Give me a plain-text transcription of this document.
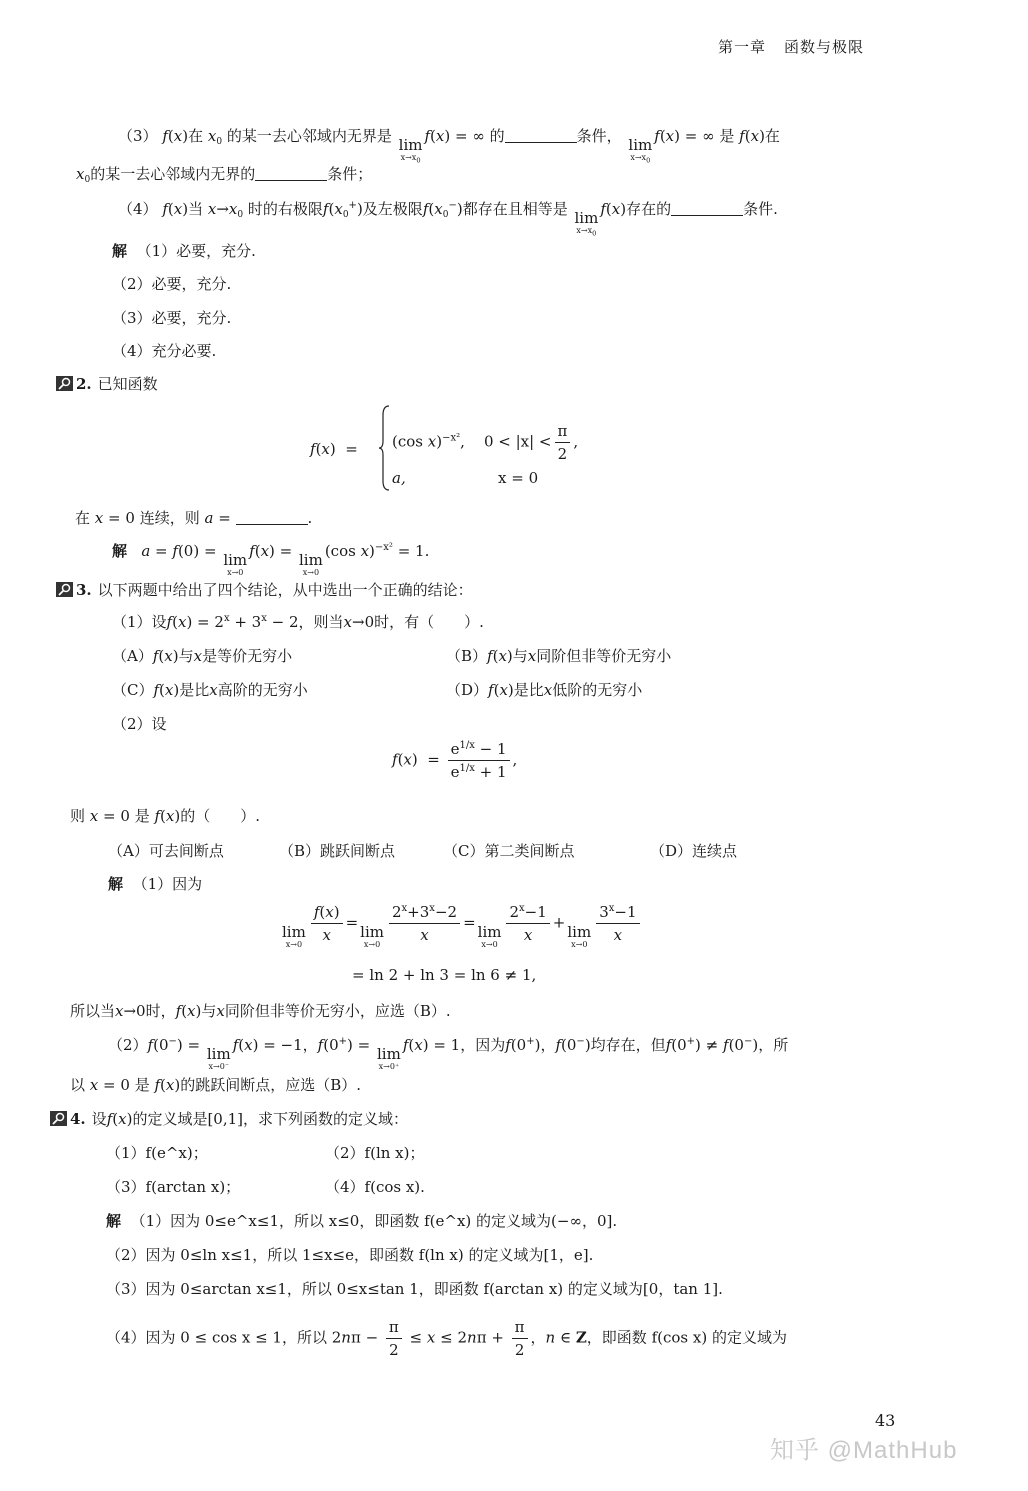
第一章 函数与极限
（3） f(x)在 $x_0$ 的某一去心邻域内无界是 lim
$x\to x_0$
f(x) = ∞ 的	条件， lim
$x\to x_0$
f(x) = ∞ 是 f(x)在
$x_0$的某一去心邻域内无界的	条件；
（4） f(x)当 $x\to x_0$ 时的右极限$f(x_0^+)$及左极限$f(x_0^-)$都存在且相等是 lim
$x\to x_0$
f(x)存在的	条件.
解 （1）必要，充分.
（2）必要，充分.
（3）必要，充分.
（4）充分必要.
2. 已知函数
f(x)  = (cos x)$^{-x^2}$,    $0 < |x| < \frac{\pi}{2}$ ,
a,	x = 0
在 x = 0 连续，则 a =	.
解 a = f(0) = lim
x→0
f(x) = lim
x→0
(cos x)$^{-x^2}$ = 1.
3. 以下两题中给出了四个结论，从中选出一个正确的结论：
（1）设$f(x) = 2^x + 3^x - 2$，则当x→0时，有（　　）.
（A）f(x)与x是等价无穷小	（B）f(x)与x同阶但非等价无穷小
（C）f(x)是比x高阶的无穷小	（D）f(x)是比x低阶的无穷小
（2）设
$f(x) = \frac{e^{1/x} - 1}{e^{1/x} + 1}$ ,
则 x = 0 是 f(x)的（　　）.
（A）可去间断点	（B）跳跃间断点	（C）第二类间断点	（D）连续点
解 （1）因为
lim
$x\to 0 \frac{f(x)}{x} = \lim$
$x\to 0 \frac{2^x+3^x-2}{x} = \lim$
$x\to 0 \frac{2^x-1}{x} + \lim$
$x\to 0 \frac{3^x-1}{x}$
= ln 2 + ln 3 = ln 6 ≠ 1,
所以当x→0时，f(x)与x同阶但非等价无穷小，应选（B）.
（2）f(0−) = lim
x→0⁻
f(x) = −1，f(0+) = lim
x→0⁺
f(x) = 1，因为f(0+)，f(0−)均存在，但f(0+) ≠ f(0−)，所
以 x = 0 是 f(x)的跳跃间断点，应选（B）.
4. 设 f ( x ) 的定义域是[0,1]，求下列函数的定义域：
（1）f(e^x)；	（2）f(ln x)；
（3）f(arctan x)；	（4）f(cos x).
解 （1）因为 0≤e^x≤1，所以 x≤0，即函数 f(e^x) 的定义域为(−∞，0].
（2）因为 0≤ln x≤1，所以 1≤x≤e，即函数 f(ln x) 的定义域为[1，e].
（3）因为 0≤arctan x≤1，所以 0≤x≤tan 1，即函数 f(arctan x) 的定义域为[0，tan 1].
（4）因为 0 ≤ cos x ≤ 1，所以 $2n\pi - \frac{\pi}{2} \le x \le 2n\pi + \frac{\pi}{2}$ ，n ∈ Z，即函数 f(cos x) 的定义域为
43
知乎 @MathHub
